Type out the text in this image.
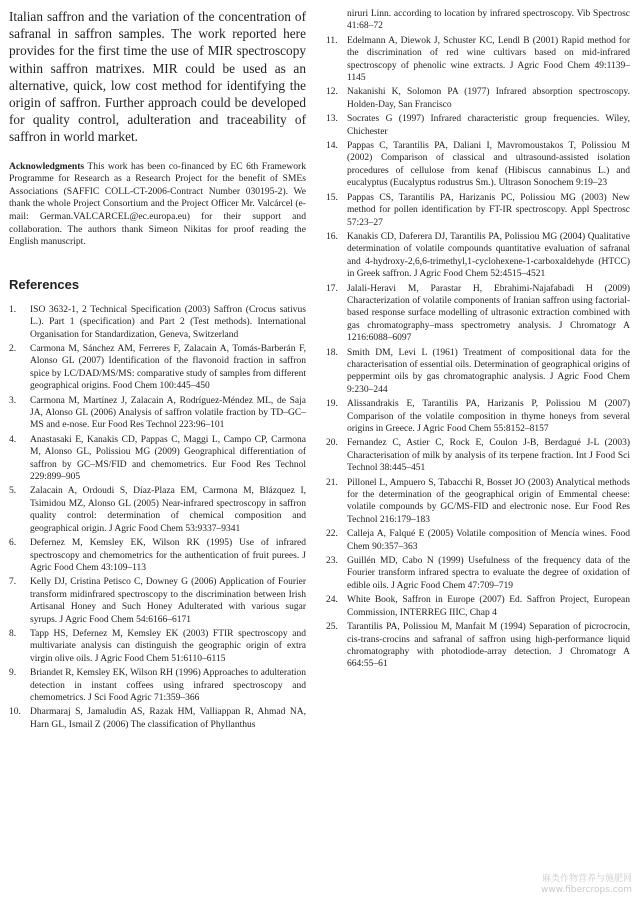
Italian saffron and the variation of the concentration of safranal in saffron samples. The work reported here provides for the first time the use of MIR spectroscopy within saffron matrixes. MIR could be used as an alternative, quick, low cost method for identifying the origin of saffron. Further approach could be developed for quality control, adulteration and traceability of saffron in world market.

Acknowledgments This work has been co-financed by EC 6th Framework Programme for Research as a Research Project for the benefit of SMEs Associations (SAFFIC COLL-CT-2006-Contract Number 030195-2). We thank the whole Project Consortium and the Project Officer Mr. Valcárcel (e-mail: German.VALCARCEL@ec.europa.eu) for their support and collaboration. The authors thank Simeon Nikitas for proof reading the English manuscript.

References
1. ISO 3632-1, 2 Technical Specification (2003) Saffron (Crocus sativus L.). Part 1 (specification) and Part 2 (Test methods). International Organisation for Standardization, Geneva, Switzerland
2. Carmona M, Sánchez AM, Ferreres F, Zalacain A, Tomás-Barberán F, Alonso GL (2007) Identification of the flavonoid fraction in saffron spice by LC/DAD/MS/MS: comparative study of samples from different geographical origins. Food Chem 100:445–450
3. Carmona M, Martínez J, Zalacain A, Rodríguez-Méndez ML, de Saja JA, Alonso GL (2006) Analysis of saffron volatile fraction by TD–GC–MS and e-nose. Eur Food Res Technol 223:96–101
4. Anastasaki E, Kanakis CD, Pappas C, Maggi L, Campo CP, Carmona M, Alonso GL, Polissiou MG (2009) Geographical differentiation of saffron by GC–MS/FID and chemometrics. Eur Food Res Technol 229:899–905
5. Zalacain A, Ordoudi S, Díaz-Plaza EM, Carmona M, Blázquez I, Tsimidou MZ, Alonso GL (2005) Near-infrared spectroscopy in saffron quality control: determination of chemical composition and geographical origin. J Agric Food Chem 53:9337–9341
6. Defernez M, Kemsley EK, Wilson RK (1995) Use of infrared spectroscopy and chemometrics for the authentication of fruit purees. J Agric Food Chem 43:109–113
7. Kelly DJ, Cristina Petisco C, Downey G (2006) Application of Fourier transform midinfrared spectroscopy to the discrimination between Irish Artisanal Honey and Such Honey Adulterated with various sugar syrups. J Agric Food Chem 54:6166–6171
8. Tapp HS, Defernez M, Kemsley EK (2003) FTIR spectroscopy and multivariate analysis can distinguish the geographic origin of extra virgin olive oils. J Agric Food Chem 51:6110–6115
9. Briandet R, Kemsley EK, Wilson RH (1996) Approaches to adulteration detection in instant coffees using infrared spectroscopy and chemometrics. J Sci Food Agric 71:359–366
10. Dharmaraj S, Jamaludin AS, Razak HM, Valliappan R, Ahmad NA, Harn GL, Ismail Z (2006) The classification of Phyllanthus
niruri Linn. according to location by infrared spectroscopy. Vib Spectrosc 41:68–72
11. Edelmann A, Diewok J, Schuster KC, Lendl B (2001) Rapid method for the discrimination of red wine cultivars based on mid-infrared spectroscopy of phenolic wine extracts. J Agric Food Chem 49:1139–1145
12. Nakanishi K, Solomon PA (1977) Infrared absorption spectroscopy. Holden-Day, San Francisco
13. Socrates G (1997) Infrared characteristic group frequencies. Wiley, Chichester
14. Pappas C, Tarantilis PA, Daliani I, Mavromoustakos T, Polissiou M (2002) Comparison of classical and ultrasound-assisted isolation procedures of cellulose from kenaf (Hibiscus cannabinus L.) and eucalyptus (Eucalyptus rodustrus Sm.). Ultrason Sonochem 9:19–23
15. Pappas CS, Tarantilis PA, Harizanis PC, Polissiou MG (2003) New method for pollen identification by FT-IR spectroscopy. Appl Spectrosc 57:23–27
16. Kanakis CD, Daferera DJ, Tarantilis PA, Polissiou MG (2004) Qualitative determination of volatile compounds quantitative evaluation of safranal and 4-hydroxy-2,6,6-trimethyl,1-cyclohexene-1-carboxaldehyde (HTCC) in Greek saffron. J Agric Food Chem 52:4515–4521
17. Jalali-Heravi M, Parastar H, Ebrahimi-Najafabadi H (2009) Characterization of volatile components of Iranian saffron using factorial-based response surface modelling of ultrasonic extraction combined with gas chromatography–mass spectrometry analysis. J Chromatogr A 1216:6088–6097
18. Smith DM, Levi L (1961) Treatment of compositional data for the characterisation of essential oils. Determination of geographical origins of peppermint oils by gas chromatographic analysis. J Agric Food Chem 9:230–244
19. Alissandrakis E, Tarantilis PA, Harizanis P, Polissiou M (2007) Comparison of the volatile composition in thyme honeys from several origins in Greece. J Agric Food Chem 55:8152–8157
20. Fernandez C, Astier C, Rock E, Coulon J-B, Berdagué J-L (2003) Characterisation of milk by analysis of its terpene fraction. Int J Food Sci Technol 38:445–451
21. Pillonel L, Ampuero S, Tabacchi R, Bosset JO (2003) Analytical methods for the determination of the geographical origin of Emmental cheese: volatile compounds by GC/MS-FID and electronic nose. Eur Food Res Technol 216:179–183
22. Calleja A, Falqué E (2005) Volatile composition of Mencía wines. Food Chem 90:357–363
23. Guillén MD, Cabo N (1999) Usefulness of the frequency data of the Fourier transform infrared spectra to evaluate the degree of oxidation of edible oils. J Agric Food Chem 47:709–719
24. White Book, Saffron in Europe (2007) Ed. Saffron Project, European Commission, INTERREG IIIC, Chap 4
25. Tarantilis PA, Polissiou M, Manfait M (1994) Separation of picrocrocin, cis-trans-crocins and safranal of saffron using high-performance liquid chromatography with photodiode-array detection. J Chromatogr A 664:55–61
麻类作物营养与施肥网
www.fibercrops.com
